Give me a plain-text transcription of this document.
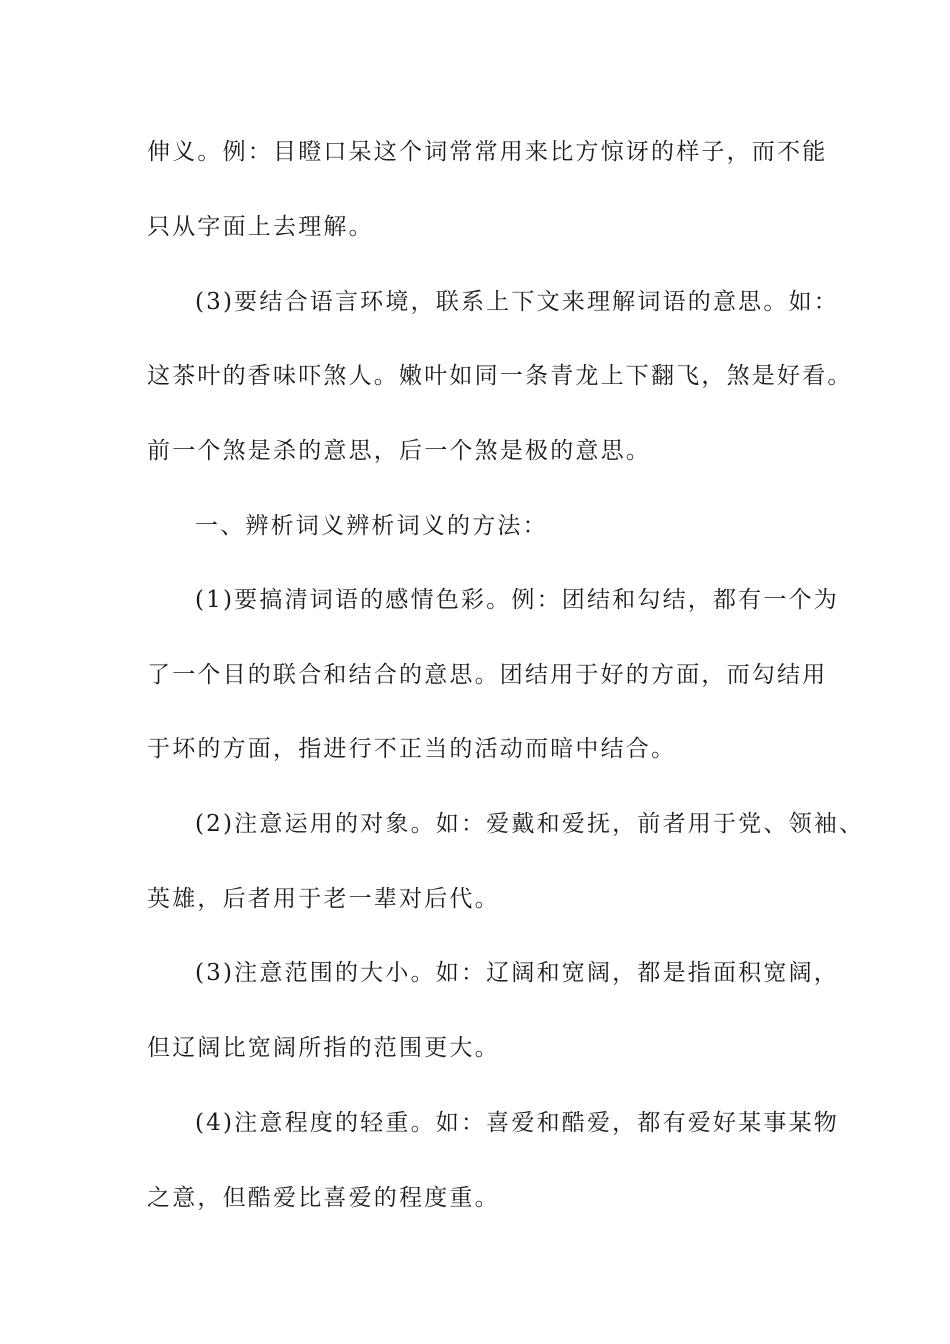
伸义。例：目瞪口呆这个词常常用来比方惊讶的样子，而不能

只从字面上去理解。

(3)要结合语言环境，联系上下文来理解词语的意思。如：

这茶叶的香味吓煞人。嫩叶如同一条青龙上下翻飞，煞是好看。

前一个煞是杀的意思，后一个煞是极的意思。

一、辨析词义辨析词义的方法：

(1)要搞清词语的感情色彩。例：团结和勾结，都有一个为

了一个目的联合和结合的意思。团结用于好的方面，而勾结用

于坏的方面，指进行不正当的活动而暗中结合。

(2)注意运用的对象。如：爱戴和爱抚，前者用于党、领袖、

英雄，后者用于老一辈对后代。

(3)注意范围的大小。如：辽阔和宽阔，都是指面积宽阔，

但辽阔比宽阔所指的范围更大。

(4)注意程度的轻重。如：喜爱和酷爱，都有爱好某事某物

之意，但酷爱比喜爱的程度重。
